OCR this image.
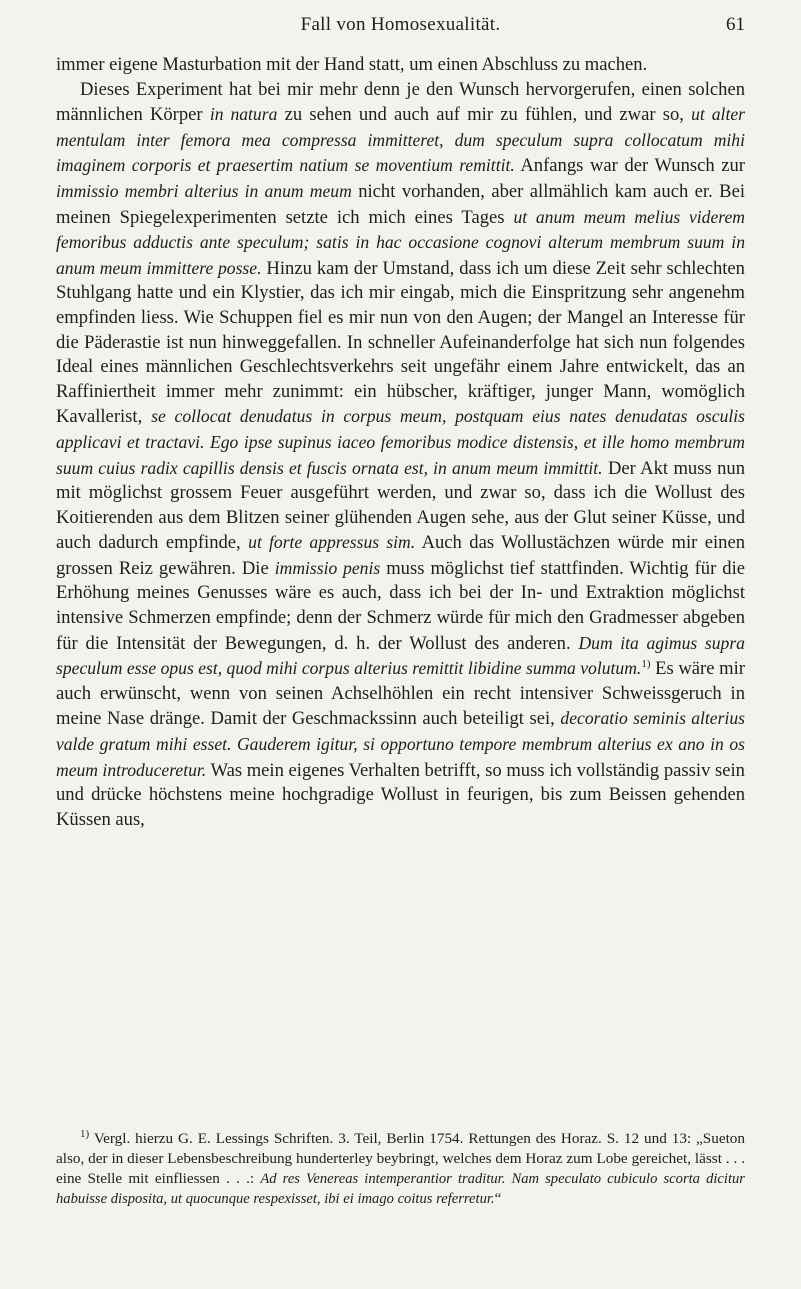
Fall von Homosexualität.	61

immer eigene Masturbation mit der Hand statt, um einen Abschluss zu machen.

Dieses Experiment hat bei mir mehr denn je den Wunsch hervorgerufen, einen solchen männlichen Körper in natura zu sehen und auch auf mir zu fühlen, und zwar so, ut alter mentulam inter femora mea compressa immitteret, dum speculum supra collocatum mihi imaginem corporis et praesertim natium se moventium remittit. Anfangs war der Wunsch zur immissio membri alterius in anum meum nicht vorhanden, aber allmählich kam auch er. Bei meinen Spiegelexperimenten setzte ich mich eines Tages ut anum meum melius viderem femoribus adductis ante speculum; satis in hac occasione cognovi alterum membrum suum in anum meum immittere posse. Hinzu kam der Umstand, dass ich um diese Zeit sehr schlechten Stuhlgang hatte und ein Klystier, das ich mir eingab, mich die Einspritzung sehr angenehm empfinden liess. Wie Schuppen fiel es mir nun von den Augen; der Mangel an Interesse für die Päderastie ist nun hinweggefallen. In schneller Aufeinanderfolge hat sich nun folgendes Ideal eines männlichen Geschlechtsverkehrs seit ungefähr einem Jahre entwickelt, das an Raffiniertheit immer mehr zunimmt: ein hübscher, kräftiger, junger Mann, womöglich Kavallerist, se collocat denudatus in corpus meum, postquam eius nates denudatas osculis applicavi et tractavi. Ego ipse supinus iaceo femoribus modice distensis, et ille homo membrum suum cuius radix capillis densis et fuscis ornata est, in anum meum immittit. Der Akt muss nun mit möglichst grossem Feuer ausgeführt werden, und zwar so, dass ich die Wollust des Koitierenden aus dem Blitzen seiner glühenden Augen sehe, aus der Glut seiner Küsse, und auch dadurch empfinde, ut forte appressus sim. Auch das Wollustächzen würde mir einen grossen Reiz gewähren. Die immissio penis muss möglichst tief stattfinden. Wichtig für die Erhöhung meines Genusses wäre es auch, dass ich bei der In- und Extraktion möglichst intensive Schmerzen empfinde; denn der Schmerz würde für mich den Gradmesser abgeben für die Intensität der Bewegungen, d. h. der Wollust des anderen. Dum ita agimus supra speculum esse opus est, quod mihi corpus alterius remittit libidine summa volutum.$^{1)}$ Es wäre mir auch erwünscht, wenn von seinen Achselhöhlen ein recht intensiver Schweissgeruch in meine Nase dränge. Damit der Geschmackssinn auch beteiligt sei, decoratio seminis alterius valde gratum mihi esset. Gauderem igitur, si opportuno tempore membrum alterius ex ano in os meum introduceretur. Was mein eigenes Verhalten betrifft, so muss ich vollständig passiv sein und drücke höchstens meine hochgradige Wollust in feurigen, bis zum Beissen gehenden Küssen aus,

$^{1)}$ Vergl. hierzu G. E. Lessings Schriften. 3. Teil, Berlin 1754. Rettungen des Horaz. S. 12 und 13: „Sueton also, der in dieser Lebensbeschreibung hunderterley beybringt, welches dem Horaz zum Lobe gereichet, lässt . . . eine Stelle mit einfliessen . . .: Ad res Venereas intemperantior traditur. Nam speculato cubiculo scorta dicitur habuisse disposita, ut quocunque respexisset, ibi ei imago coitus referretur.“
